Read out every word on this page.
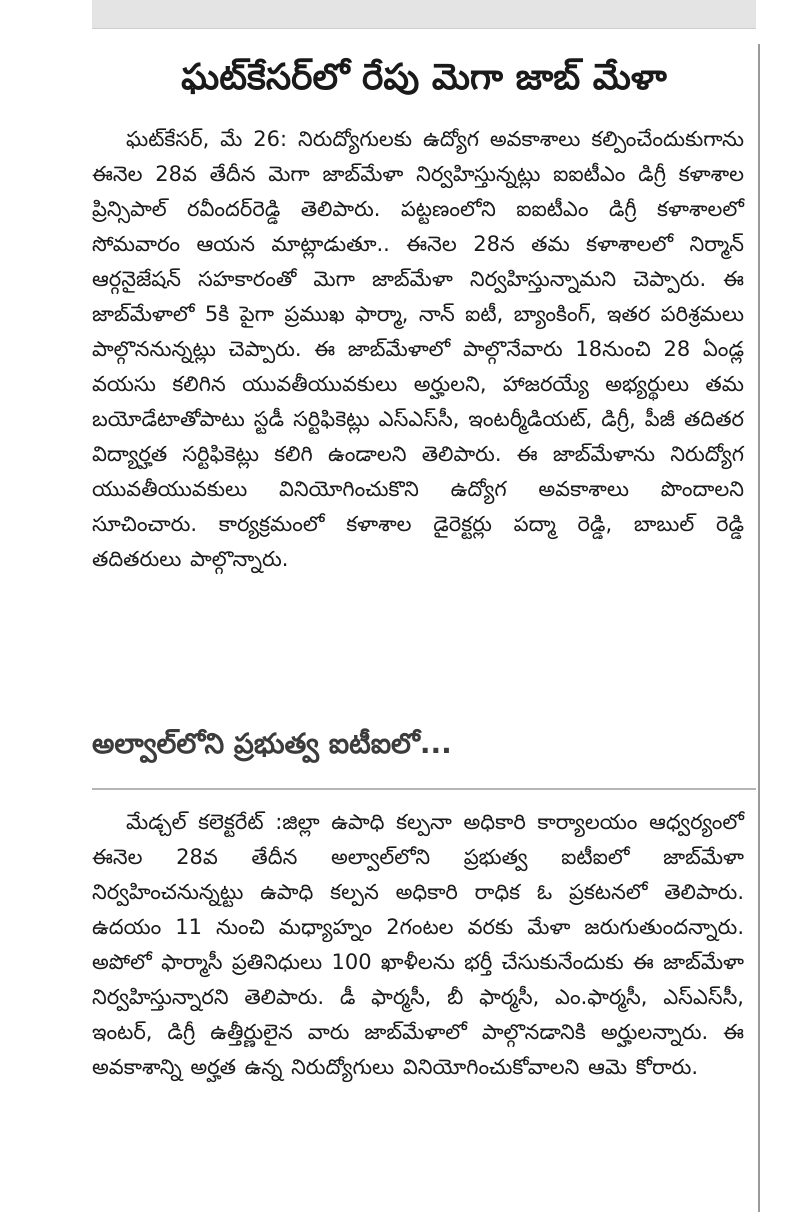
ఘట్‌కేసర్‌లో రేపు మెగా జాబ్‌ మేళా

ఘట్‌కేసర్‌, మే 26: నిరుద్యోగులకు ఉద్యోగ అవకాశాలు కల్పించేందుకుగాను ఈనెల 28వ తేదీన మెగా జాబ్‌మేళా నిర్వహిస్తున్నట్లు ఐఐటీఎం డిగ్రీ కళాశాల ప్రిన్సిపాల్‌ రవీందర్‌రెడ్డి తెలిపారు. పట్టణంలోని ఐఐటీఎం డిగ్రీ కళాశాలలో సోమవారం ఆయన మాట్లాడుతూ.. ఈనెల 28న తమ కళాశాలలో నిర్మాన్‌ ఆర్గనైజేషన్‌ సహకారంతో మెగా జాబ్‌మేళా నిర్వహిస్తున్నామని చెప్పారు. ఈ జాబ్‌మేళాలో 5కి పైగా ప్రముఖ ఫార్మా, నాన్‌ ఐటీ, బ్యాంకింగ్‌, ఇతర పరిశ్రమలు పాల్గొననున్నట్లు చెప్పారు. ఈ జాబ్‌మేళాలో పాల్గొనేవారు 18నుంచి 28 ఏండ్ల వయసు కలిగిన యువతీయువకులు అర్హులని, హాజరయ్యే అభ్యర్థులు తమ బయోడేటాతోపాటు స్టడీ సర్టిఫికెట్లు ఎస్‌ఎస్‌సీ, ఇంటర్మీడియట్‌, డిగ్రీ, పీజీ తదితర విద్యార్హత సర్టిఫికెట్లు కలిగి ఉండాలని తెలిపారు. ఈ జాబ్‌మేళాను నిరుద్యోగ యువతీయువకులు వినియోగించుకొని ఉద్యోగ అవకాశాలు పొందాలని సూచించారు. కార్యక్రమంలో కళాశాల డైరెక్టర్లు పద్మా రెడ్డి, బాబుల్‌ రెడ్డి తదితరులు పాల్గొన్నారు.

అల్వాల్‌లోని ప్రభుత్వ ఐటీఐలో...

మేడ్చల్‌ కలెక్టరేట్‌ :జిల్లా ఉపాధి కల్పనా అధికారి కార్యాలయం ఆధ్వర్యంలో ఈనెల 28వ తేదీన అల్వాల్‌లోని ప్రభుత్వ ఐటీఐలో జాబ్‌మేళా నిర్వహించనున్నట్టు ఉపాధి కల్పన అధికారి రాధిక ఓ ప్రకటనలో తెలిపారు. ఉదయం 11 నుంచి మధ్యాహ్నం 2గంటల వరకు మేళా జరుగుతుందన్నారు. అపోలో ఫార్మాసీ ప్రతినిధులు 100 ఖాళీలను భర్తీ చేసుకునేందుకు ఈ జాబ్‌మేళా నిర్వహిస్తున్నారని తెలిపారు. డీ ఫార్మసీ, బీ ఫార్మసీ, ఎం.ఫార్మసీ, ఎస్‌ఎస్‌సీ, ఇంటర్‌, డిగ్రీ ఉత్తీర్ణులైన వారు జాబ్‌మేళాలో పాల్గొనడానికి అర్హులన్నారు. ఈ అవకాశాన్ని అర్హత ఉన్న నిరుద్యోగులు వినియోగించుకోవాలని ఆమె కోరారు.
